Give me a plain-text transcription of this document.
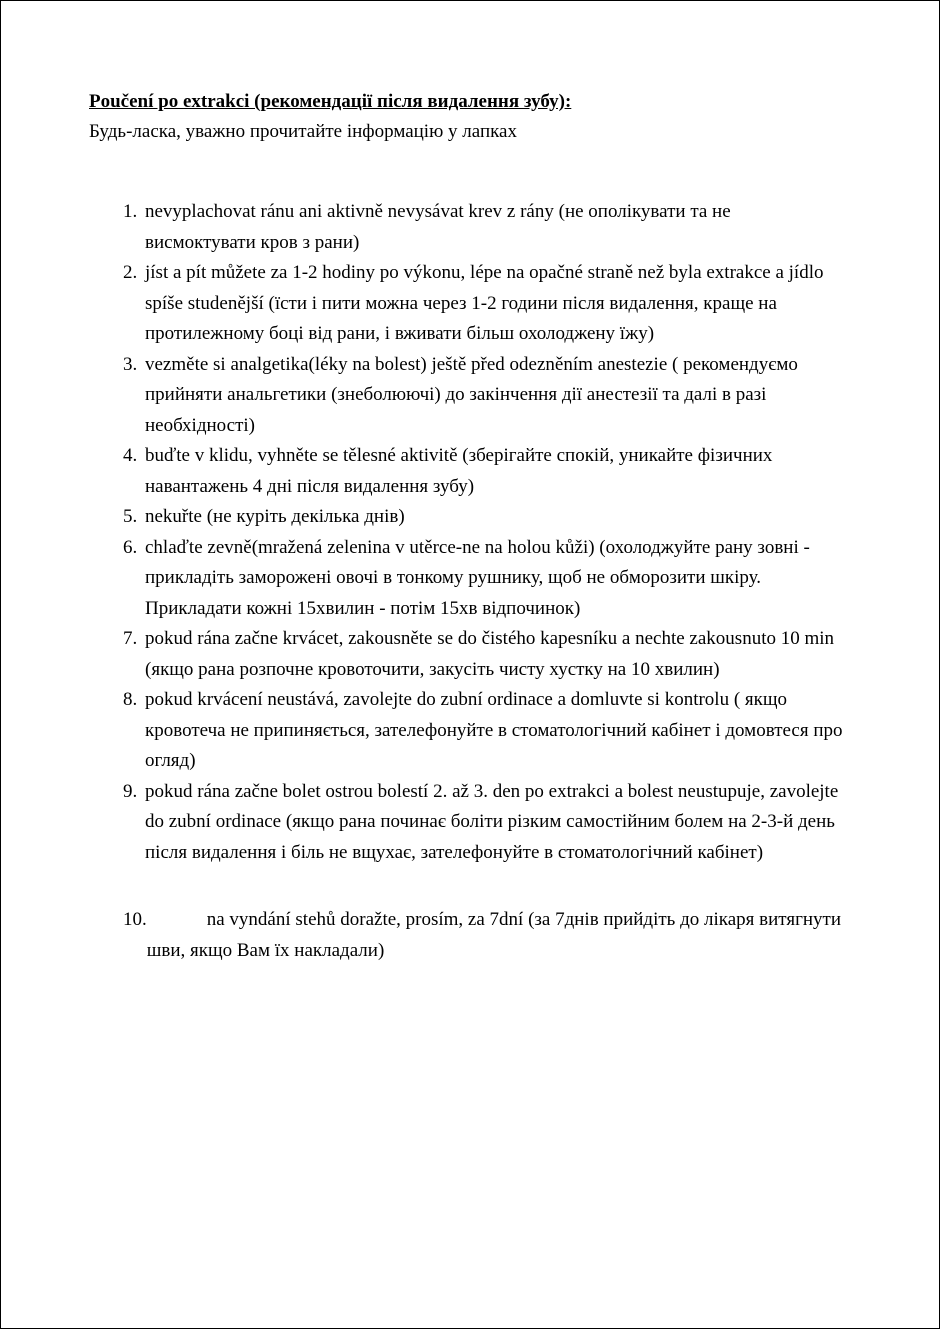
Poučení po extrakci (рекомендації після видалення зубу):
Будь-ласка, уважно прочитайте інформацію у лапках
1. nevyplachovat ránu ani aktivně nevysávat krev z rány (не ополікувати та не висмоктувати кров з рани)
2. jíst a pít můžete za 1-2 hodiny po výkonu, lépe na opačné straně než byla extrakce a jídlo spíše studenější (їсти і пити можна через 1-2 години після видалення, краще на протилежному боці від рани, і вживати більш охолоджену їжу)
3. vezměte si analgetika(léky na bolest) ještě před odezněním anestezie ( рекомендуємо прийняти анальгетики (знеболюючі) до закінчення дії анестезії та далі в разі необхідності)
4. buďte v klidu, vyhněte se tělesné aktivitě (зберігайте спокій, уникайте фізичних навантажень 4 дні після видалення зубу)
5. nekuřte (не куріть декілька днів)
6. chlaďte zevně(mražená zelenina v utěrce-ne na holou kůži) (охолоджуйте рану зовні - прикладіть заморожені овочі в тонкому рушнику, щоб не обморозити шкіру. Прикладати кожні 15хвилин - потім 15хв відпочинок)
7. pokud rána začne krvácet, zakousněte se do čistého kapesníku a nechte zakousnuto 10 min (якщо рана розпочне кровоточити, закусіть чисту хустку на 10 хвилин)
8. pokud krvácení neustává, zavolejte do zubní ordinace a domluvte si kontrolu ( якщо кровотеча не припиняється, зателефонуйте в стоматологічний кабінет і домовтеся про огляд)
9. pokud rána začne bolet ostrou bolestí 2. až 3. den po extrakci a bolest neustupuje, zavolejte do zubní ordinace (якщо рана починає боліти різким самостійним болем на 2-3-й день після видалення і біль не вщухає, зателефонуйте в стоматологічний кабінет)
10.	na vyndání stehů doražte, prosím, za 7dní (за 7днів прийдіть до лікаря витягнути шви, якщо Вам їх накладали)
